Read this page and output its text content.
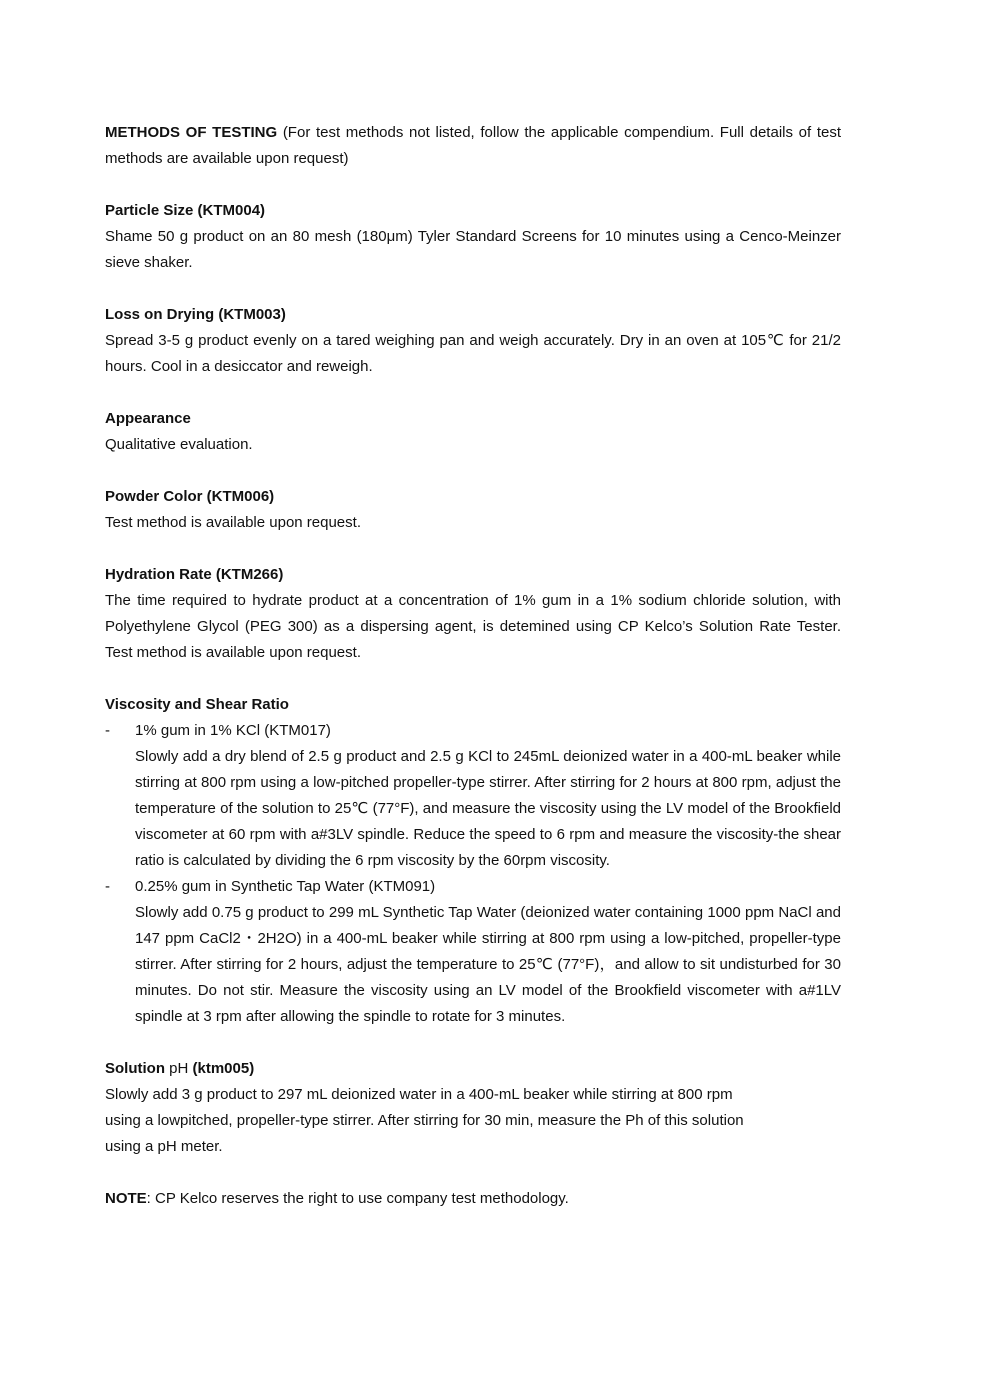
METHODS OF TESTING (For test methods not listed, follow the applicable compendium. Full details of test methods are available upon request)

Particle Size (KTM004)

Shame 50 g product on an 80 mesh (180μm) Tyler Standard Screens for 10 minutes using a Cenco-Meinzer sieve shaker.

Loss on Drying (KTM003)

Spread 3-5 g product evenly on a tared weighing pan and weigh accurately. Dry in an oven at 105℃ for 21/2 hours. Cool in a desiccator and reweigh.

Appearance

Qualitative evaluation.

Powder Color (KTM006)

Test method is available upon request.

Hydration Rate (KTM266)

The time required to hydrate product at a concentration of 1% gum in a 1% sodium chloride solution, with Polyethylene Glycol (PEG 300) as a dispersing agent, is detemined using CP Kelco’s Solution Rate Tester. Test method is available upon request.

Viscosity and Shear Ratio

- 1% gum in 1% KCl (KTM017)

Slowly add a dry blend of 2.5 g product and 2.5 g KCl to 245mL deionized water in a 400-mL beaker while stirring at 800 rpm using a low-pitched propeller-type stirrer. After stirring for 2 hours at 800 rpm, adjust the temperature of the solution to 25℃ (77°F), and measure the viscosity using the LV model of the Brookfield viscometer at 60 rpm with a#3LV spindle. Reduce the speed to 6 rpm and measure the viscosity-the shear ratio is calculated by dividing the 6 rpm viscosity by the 60rpm viscosity.

- 0.25% gum in Synthetic Tap Water (KTM091)

Slowly add 0.75 g product to 299 mL Synthetic Tap Water (deionized water containing 1000 ppm NaCl and 147 ppm CaCl2・2H2O) in a 400-mL beaker while stirring at 800 rpm using a low-pitched, propeller-type stirrer. After stirring for 2 hours, adjust the temperature to 25℃ (77°F)，and allow to sit undisturbed for 30 minutes. Do not stir. Measure the viscosity using an LV model of the Brookfield viscometer with a#1LV spindle at 3 rpm after allowing the spindle to rotate for 3 minutes.

Solution pH (ktm005)

Slowly add 3 g product to 297 mL deionized water in a 400-mL beaker while stirring at 800 rpm

using a lowpitched, propeller-type stirrer. After stirring for 30 min, measure the Ph of this solution

using a pH meter.

NOTE: CP Kelco reserves the right to use company test methodology.
